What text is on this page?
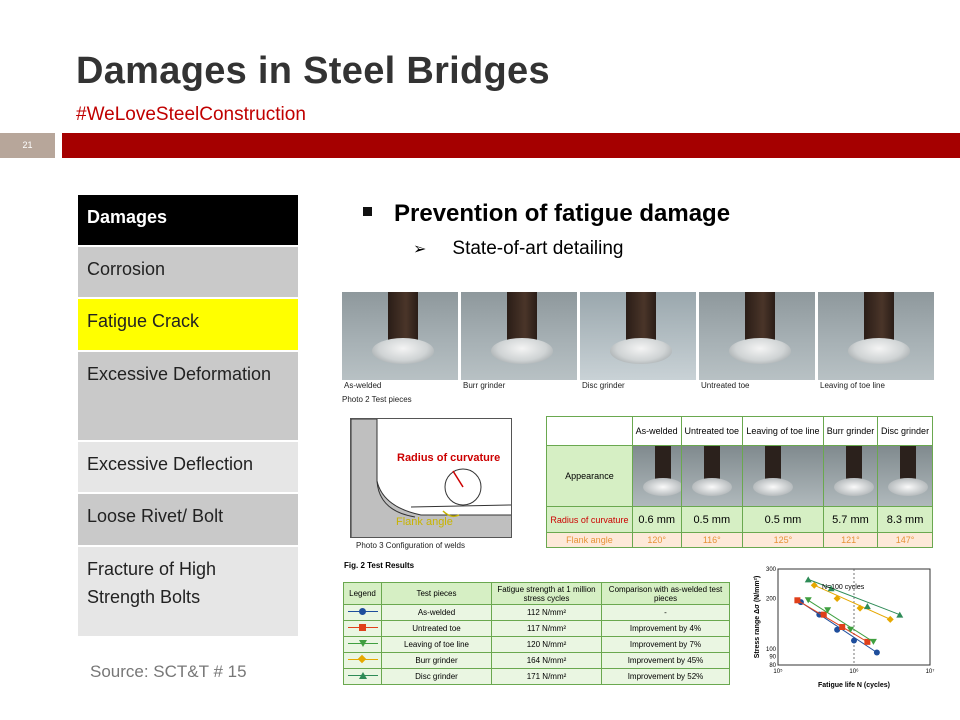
Damages in Steel Bridges
#WeLoveSteelConstruction
21
Damages
Corrosion
Fatigue Crack
Excessive Deformation
Excessive Deflection
Loose Rivet/ Bolt
Fracture of High Strength Bolts
Source: SCT&T # 15
Prevention of fatigue damage
➢ State-of-art detailing
As-welded	Burr grinder	Disc grinder	Untreated toe	Leaving of toe line
Photo 2 Test pieces
Radius of curvature
Flank angle
Photo 3 Configuration of welds
	As-welded	Untreated toe	Leaving of toe line	Burr grinder	Disc grinder
Appearance	

Radius of curvature	0.6 mm	0.5 mm	0.5 mm	5.7 mm	8.3 mm
Flank angle	120°	116°	125°	121°	147°
Fig. 2 Test Results
Legend	Test pieces	Fatigue strength at 1 million stress cycles	Comparison with as-welded test pieces

	As-welded	112 N/mm²	-

	Untreated toe	117 N/mm²	Improvement by 4%

	Leaving of toe line	120 N/mm²	Improvement by 7%

	Burr grinder	164 N/mm²	Improvement by 45%

	Disc grinder	171 N/mm²	Improvement by 52%
N=100 cycles
Stress range Δσ (N/mm²)
Fatigue life N (cycles)
10⁵	10⁶	10⁷
300
200
100
90
80
